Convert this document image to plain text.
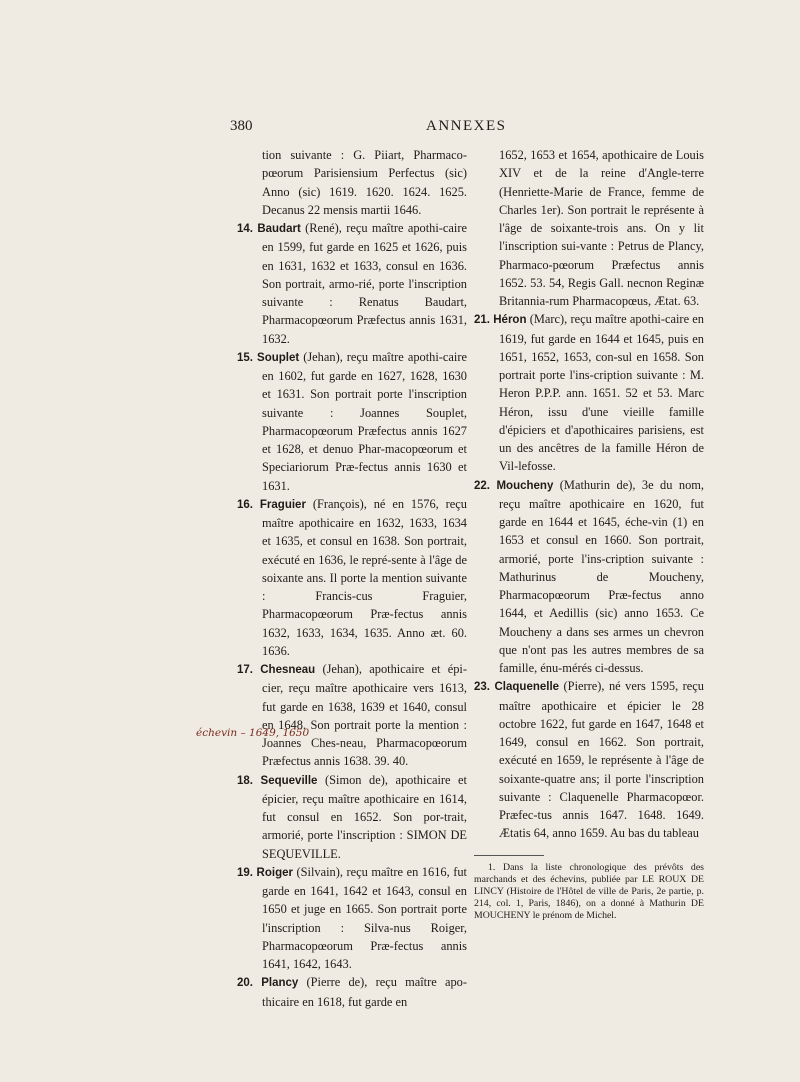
380	ANNEXES

tion suivante : G. Piiart, Pharmaco-pœorum Parisiensium Perfectus (sic) Anno (sic) 1619. 1620. 1624. 1625. Decanus 22 mensis martii 1646.

14. Baudart (René), reçu maître apothi-caire en 1599, fut garde en 1625 et 1626, puis en 1631, 1632 et 1633, consul en 1636. Son portrait, armo-rié, porte l'inscription suivante : Renatus Baudart, Pharmacopœorum Præfectus annis 1631, 1632.

15. Souplet (Jehan), reçu maître apothi-caire en 1602, fut garde en 1627, 1628, 1630 et 1631. Son portrait porte l'inscription suivante : Joannes Souplet, Pharmacopœorum Præfectus annis 1627 et 1628, et denuo Phar-macopœorum et Speciariorum Præ-fectus annis 1630 et 1631.

16. Fraguier (François), né en 1576, reçu maître apothicaire en 1632, 1633, 1634 et 1635, et consul en 1638. Son portrait, exécuté en 1636, le repré-sente à l'âge de soixante ans. Il porte la mention suivante : Francis-cus Fraguier, Pharmacopœorum Præ-fectus annis 1632, 1633, 1634, 1635. Anno æt. 60. 1636.

17. Chesneau (Jehan), apothicaire et épi-cier, reçu maître apothicaire vers 1613, fut garde en 1638, 1639 et 1640, consul en 1648. Son portrait porte la mention : Joannes Ches-neau, Pharmacopœorum Præfectus annis 1638. 39. 40.

18. Sequeville (Simon de), apothicaire et épicier, reçu maître apothicaire en 1614, fut consul en 1652. Son por-trait, armorié, porte l'inscription : SIMON DE SEQUEVILLE.

19. Roiger (Silvain), reçu maître en 1616, fut garde en 1641, 1642 et 1643, consul en 1650 et juge en 1665. Son portrait porte l'inscription : Silva-nus Roiger, Pharmacopœorum Præ-fectus annis 1641, 1642, 1643.

20. Plancy (Pierre de), reçu maître apo-thicaire en 1618, fut garde en

1652, 1653 et 1654, apothicaire de Louis XIV et de la reine d'Angle-terre (Henriette-Marie de France, femme de Charles 1er). Son portrait le représente à l'âge de soixante-trois ans. On y lit l'inscription sui-vante : Petrus de Plancy, Pharmaco-pœorum Præfectus annis 1652. 53. 54, Regis Gall. necnon Reginæ Britannia-rum Pharmacopœus, Ætat. 63.

21. Héron (Marc), reçu maître apothi-caire en 1619, fut garde en 1644 et 1645, puis en 1651, 1652, 1653, con-sul en 1658. Son portrait porte l'ins-cription suivante : M. Heron P.P.P. ann. 1651. 52 et 53. Marc Héron, issu d'une vieille famille d'épiciers et d'apothicaires parisiens, est un des ancêtres de la famille Héron de Vil-lefosse.

22. Moucheny (Mathurin de), 3e du nom, reçu maître apothicaire en 1620, fut garde en 1644 et 1645, éche-vin (1) en 1653 et consul en 1660. Son portrait, armorié, porte l'ins-cription suivante : Mathurinus de Moucheny, Pharmacopœorum Præ-fectus anno 1644, et Aedillis (sic) anno 1653. Ce Moucheny a dans ses armes un chevron que n'ont pas les autres membres de sa famille, énu-mérés ci-dessus.

23. Claquenelle (Pierre), né vers 1595, reçu maître apothicaire et épicier le 28 octobre 1622, fut garde en 1647, 1648 et 1649, consul en 1662. Son portrait, exécuté en 1659, le représente à l'âge de soixante-quatre ans; il porte l'inscription suivante : Claquenelle Pharmacopœor. Præfec-tus annis 1647. 1648. 1649. Ætatis 64, anno 1659. Au bas du tableau

1. Dans la liste chronologique des prévôts des marchands et des échevins, publiée par LE ROUX DE LINCY (Histoire de l'Hôtel de ville de Paris, 2e partie, p. 214, col. 1, Paris, 1846), on a donné à Mathurin DE MOUCHENY le prénom de Michel.

échevin – 1649, 1650
